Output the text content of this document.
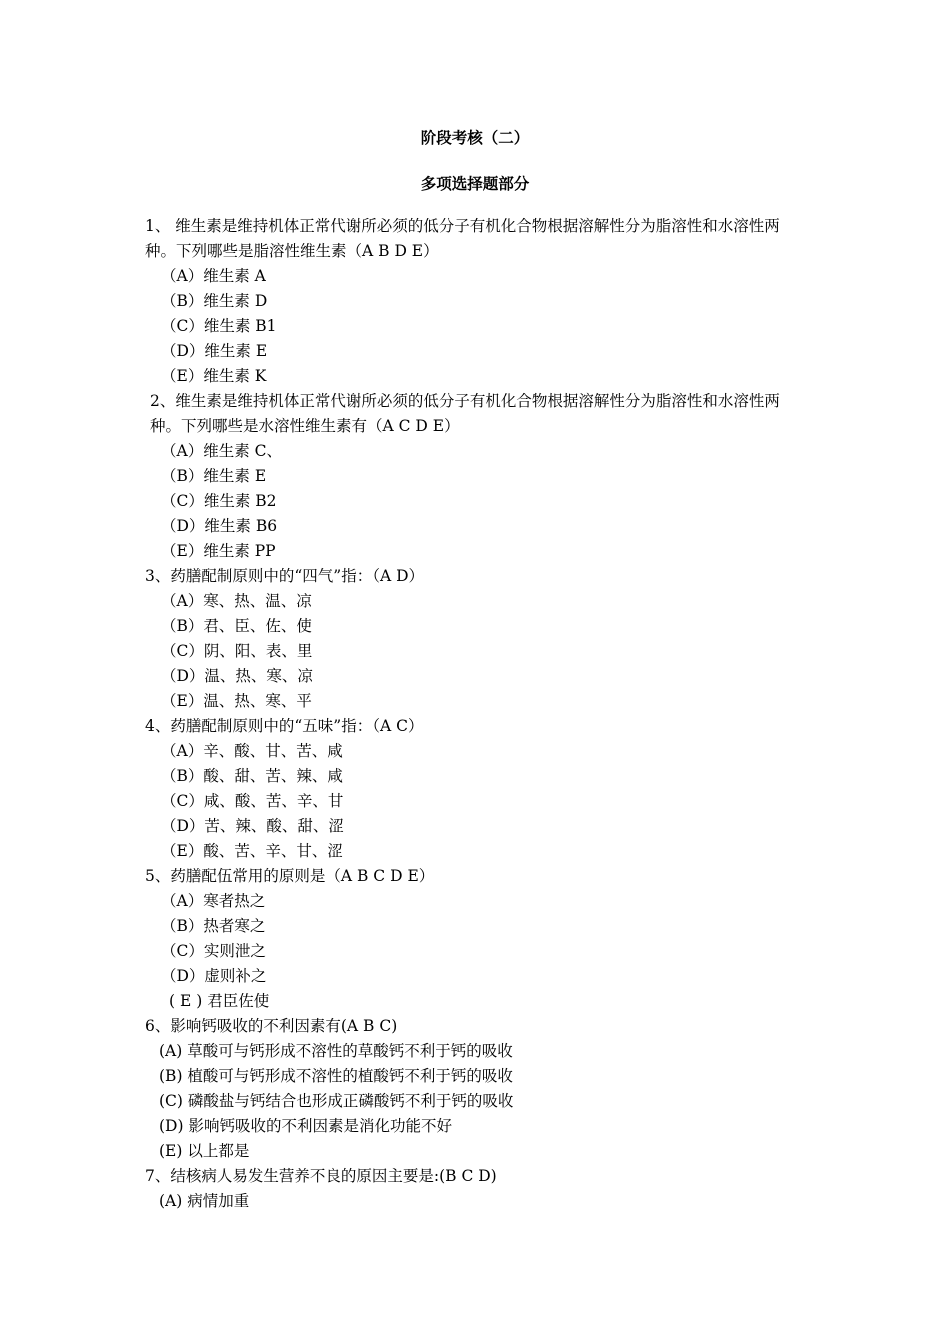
阶段考核（二）
多项选择题部分
1、 维生素是维持机体正常代谢所必须的低分子有机化合物根据溶解性分为脂溶性和水溶性两种。下列哪些是脂溶性维生素（A B D E）
（A）维生素 A
（B）维生素 D
（C）维生素 B1
（D）维生素 E
（E）维生素 K
2、维生素是维持机体正常代谢所必须的低分子有机化合物根据溶解性分为脂溶性和水溶性两种。下列哪些是水溶性维生素有（A C D E）
（A）维生素 C、
（B）维生素 E
（C）维生素 B2
（D）维生素 B6
（E）维生素 PP
3、药膳配制原则中的“四气”指：（A D）
（A）寒、热、温、凉
（B）君、臣、佐、使
（C）阴、阳、表、里
（D）温、热、寒、凉
（E）温、热、寒、平
4、药膳配制原则中的“五味”指：（A C）
（A）辛、酸、甘、苦、咸
（B）酸、甜、苦、辣、咸
（C）咸、酸、苦、辛、甘
（D）苦、辣、酸、甜、涩
（E）酸、苦、辛、甘、涩
5、药膳配伍常用的原则是（A B C D E）
（A）寒者热之
（B）热者寒之
（C）实则泄之
（D）虚则补之
( E ) 君臣佐使
6、影响钙吸收的不利因素有(A B C)
(A) 草酸可与钙形成不溶性的草酸钙不利于钙的吸收
(B) 植酸可与钙形成不溶性的植酸钙不利于钙的吸收
(C) 磷酸盐与钙结合也形成正磷酸钙不利于钙的吸收
(D) 影响钙吸收的不利因素是消化功能不好
(E) 以上都是
7、结核病人易发生营养不良的原因主要是:(B C D)
(A) 病情加重
